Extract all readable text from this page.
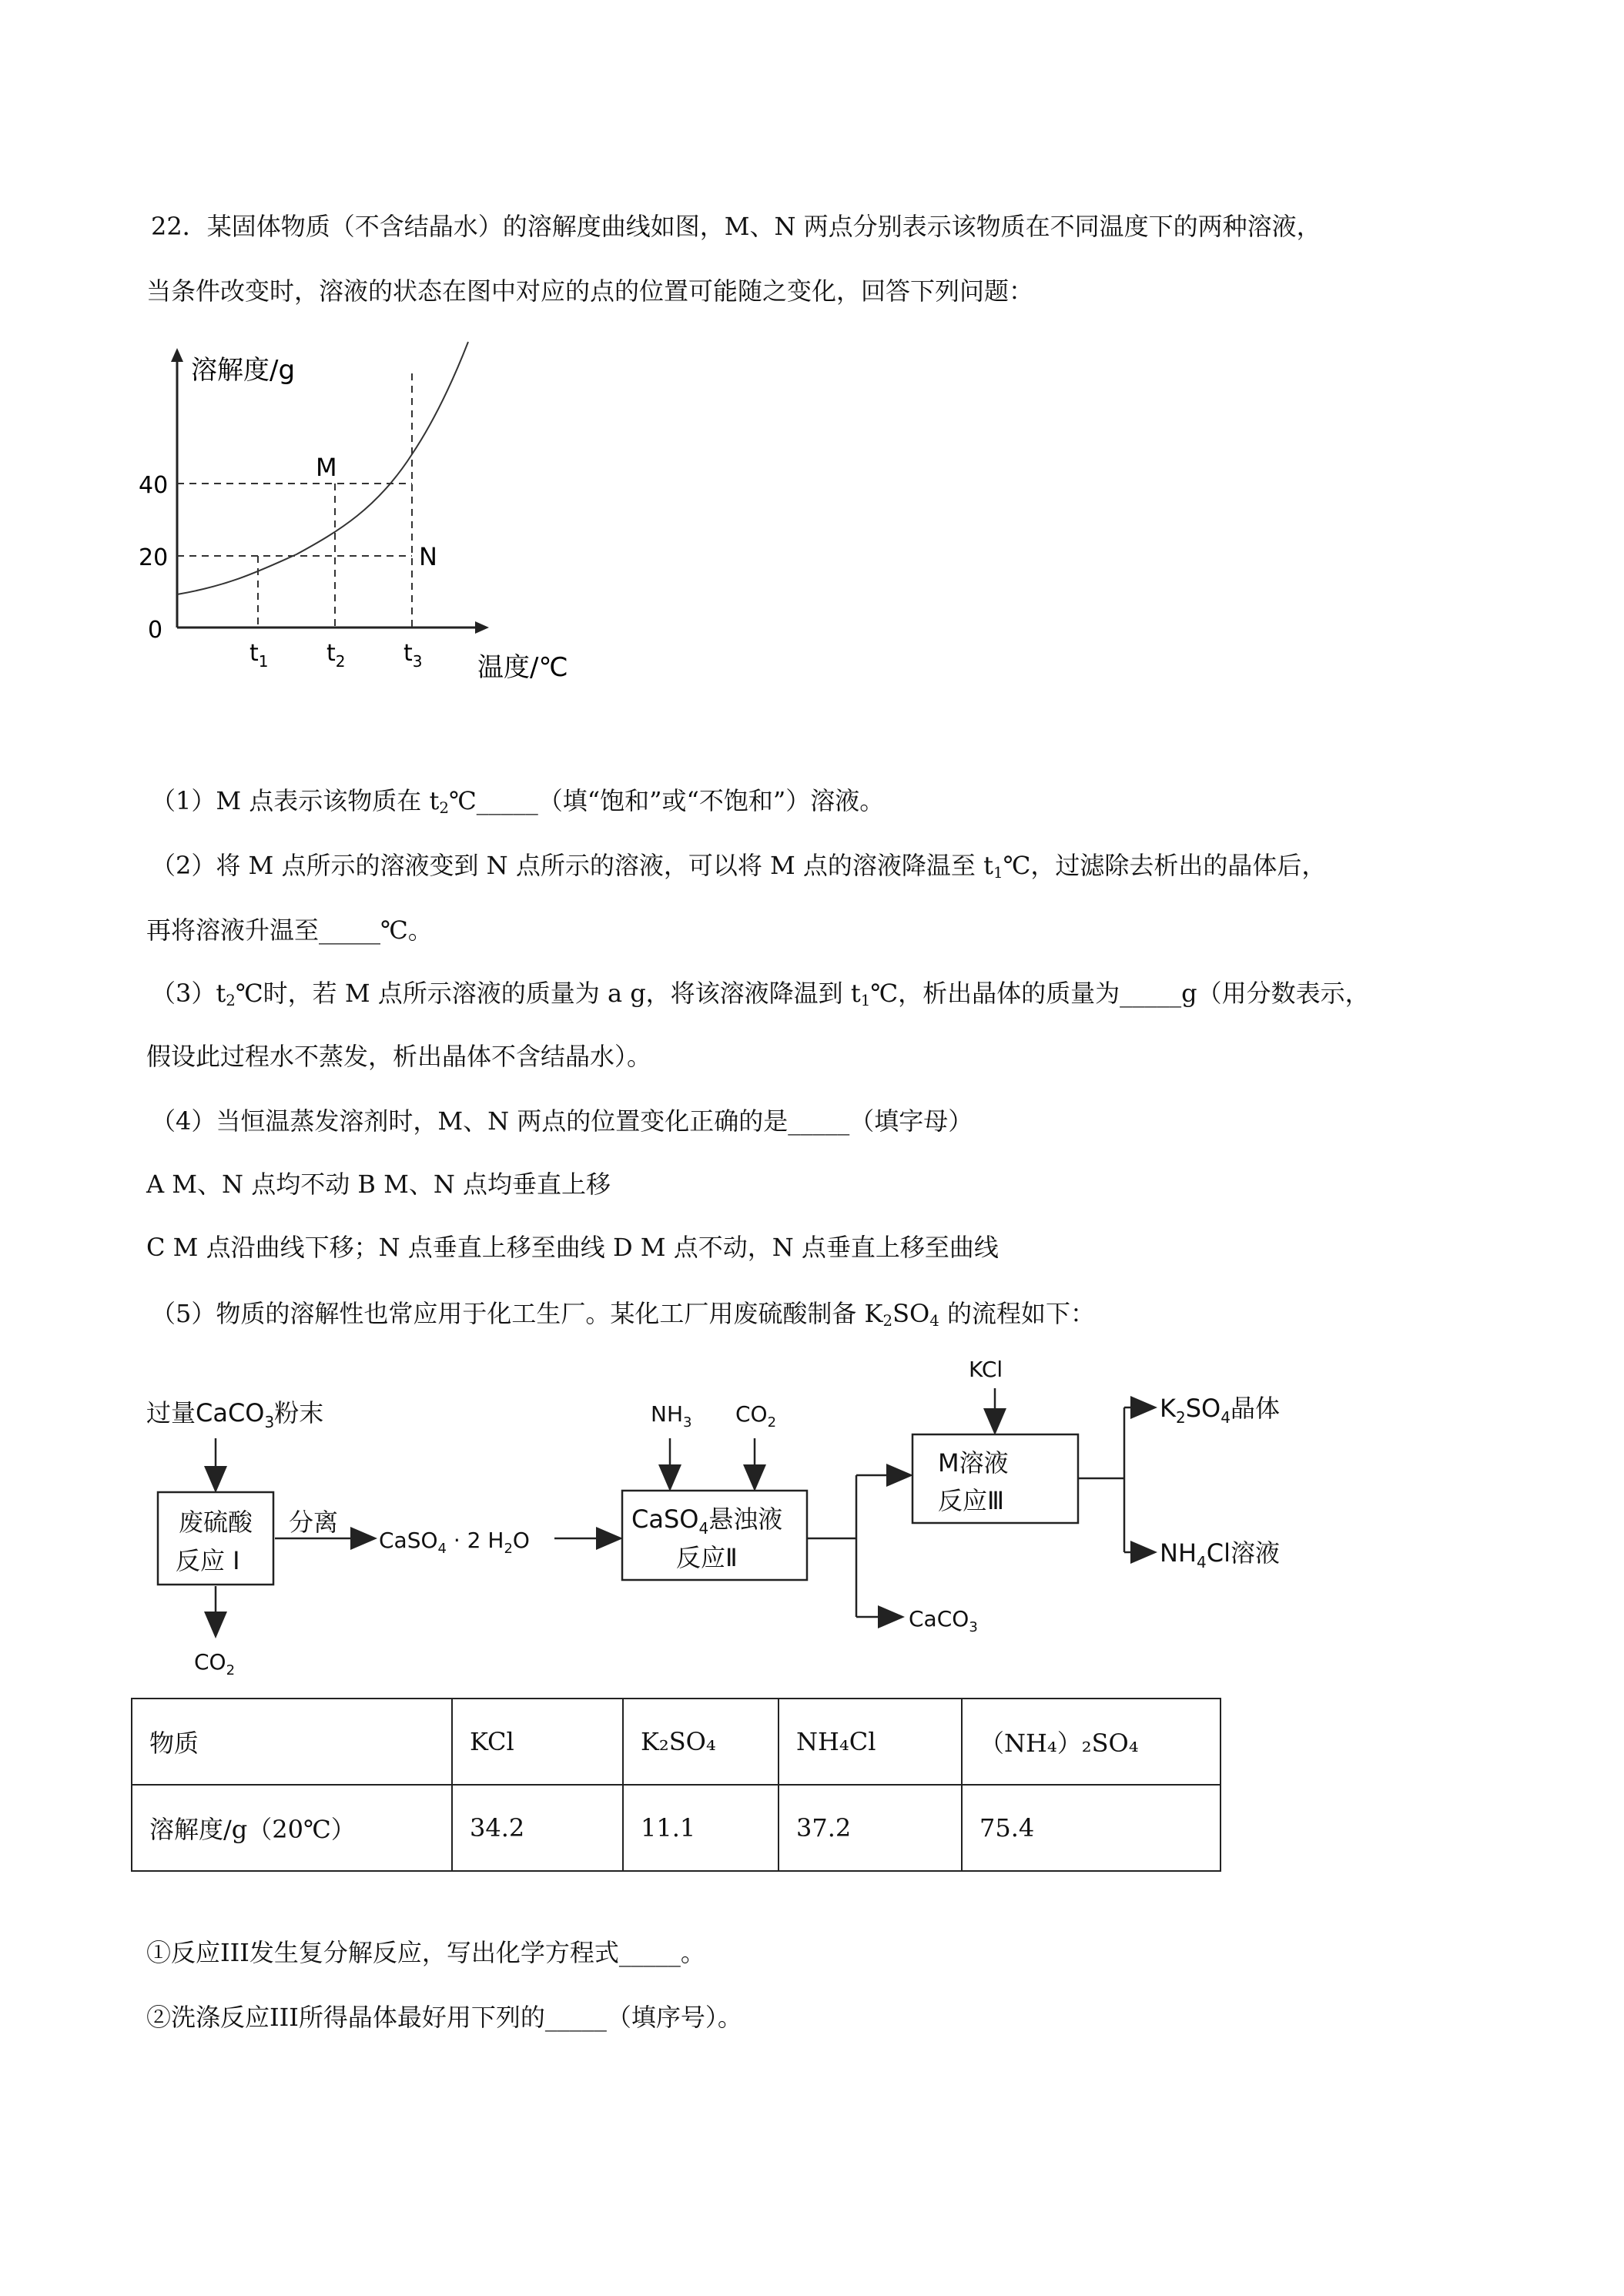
22．某固体物质（不含结晶水）的溶解度曲线如图，M、N 两点分别表示该物质在不同温度下的两种溶液，
当条件改变时，溶液的状态在图中对应的点的位置可能随之变化，回答下列问题：
溶解度/g
温度/℃
40
20
0
$t_1$	$t_2$	$t_3$
M
N
（1）M 点表示该物质在 $t_2℃\_\_\_\_\_$（填“饱和”或“不饱和”）溶液。
（2）将 M 点所示的溶液变到 N 点所示的溶液，可以将 M 点的溶液降温至 $t_1℃$，过滤除去析出的晶体后，
再将溶液升温至_____℃。
$(3)t_2℃$时，若 M 点所示溶液的质量为 a g，将该溶液降温到 $t_1℃$，析出晶体的质量为_____g（用分数表示，
假设此过程水不蒸发，析出晶体不含结晶水）。
（4）当恒温蒸发溶剂时，M、N 两点的位置变化正确的是_____（填字母）
A M、N 点均不动 B M、N 点均垂直上移
C M 点沿曲线下移；N 点垂直上移至曲线 D M 点不动，N 点垂直上移至曲线
（5）物质的溶解性也常应用于化工生厂。某化工厂用废硫酸制备 $K_2SO_4$ 的流程如下：
过量CaCO$_3$粉末
废硫酸
反应 I
分离
$CO_2$
CaSO$_4$ · 2 $H_2O$
$NH_3$ $CO_2$
CaSO$_4$悬浊液
反应Ⅱ
CaCO$_3$
KCl
M溶液
反应Ⅲ
$K_2SO_4$晶体
$NH_4Cl$溶液
物质	KCl	K₂SO₄	NH₄Cl	（NH₄）₂SO₄
溶解度/g（20℃）	34.2	11.1	37.2	75.4
①反应III发生复分解反应，写出化学方程式_____。
②洗涤反应III所得晶体最好用下列的_____（填序号）。
